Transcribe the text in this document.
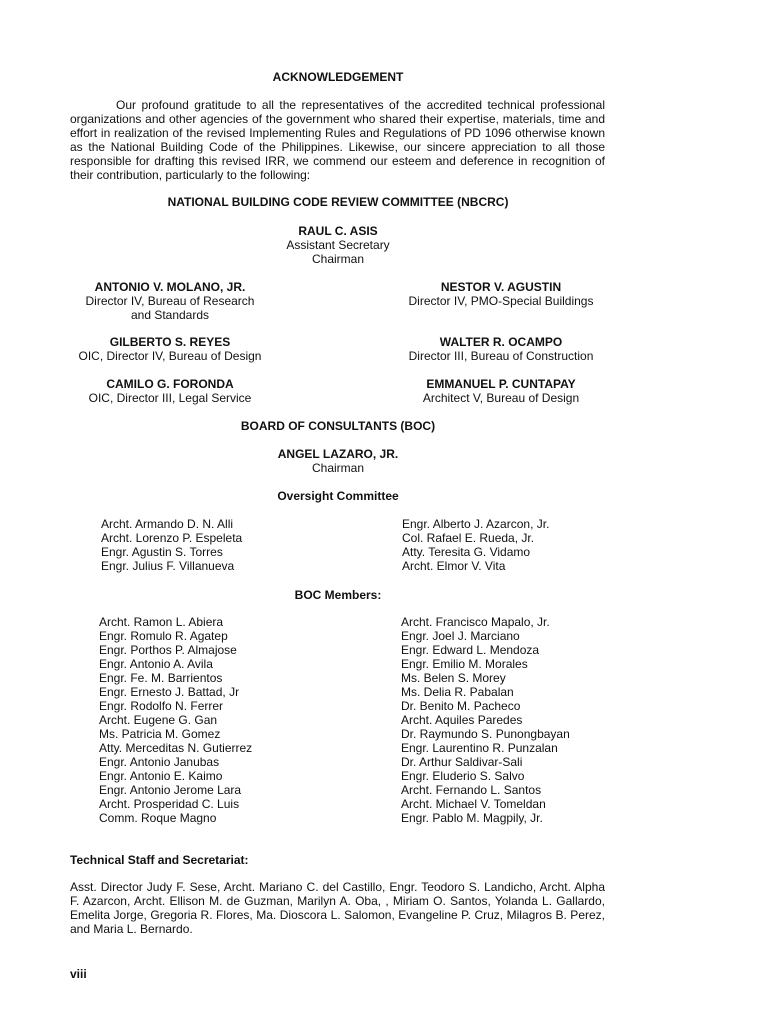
ACKNOWLEDGEMENT
Our profound gratitude to all the representatives of the accredited technical professional organizations and other agencies of the government who shared their expertise, materials, time and effort in realization of the revised Implementing Rules and Regulations of PD 1096 otherwise known as the National Building Code of the Philippines. Likewise, our sincere appreciation to all those responsible for drafting this revised IRR, we commend our esteem and deference in recognition of their contribution, particularly to the following:
NATIONAL BUILDING CODE REVIEW COMMITTEE (NBCRC)
RAUL C. ASIS
Assistant Secretary
Chairman
ANTONIO V. MOLANO, JR.
Director IV, Bureau of Research
and Standards
NESTOR V. AGUSTIN
Director IV, PMO-Special Buildings
GILBERTO S. REYES
OIC, Director IV, Bureau of Design
WALTER R. OCAMPO
Director III, Bureau of Construction
CAMILO G. FORONDA
OIC, Director III, Legal Service
EMMANUEL P. CUNTAPAY
Architect V, Bureau of Design
BOARD OF CONSULTANTS (BOC)
ANGEL LAZARO, JR.
Chairman
Oversight Committee
Archt. Armando D. N. Alli
Archt. Lorenzo P. Espeleta
Engr. Agustin S. Torres
Engr. Julius F. Villanueva
Engr. Alberto J. Azarcon, Jr.
Col. Rafael E. Rueda, Jr.
Atty. Teresita G. Vidamo
Archt. Elmor V. Vita
BOC Members:
Archt. Ramon L. Abiera
Engr. Romulo R. Agatep
Engr. Porthos P. Almajose
Engr. Antonio A. Avila
Engr. Fe. M. Barrientos
Engr. Ernesto J. Battad, Jr
Engr. Rodolfo N. Ferrer
Archt. Eugene G. Gan
Ms. Patricia M. Gomez
Atty. Merceditas N. Gutierrez
Engr. Antonio Janubas
Engr. Antonio E. Kaimo
Engr. Antonio Jerome Lara
Archt. Prosperidad C. Luis
Comm. Roque Magno
Archt. Francisco Mapalo, Jr.
Engr. Joel J. Marciano
Engr. Edward L. Mendoza
Engr. Emilio M. Morales
Ms. Belen S. Morey
Ms. Delia R. Pabalan
Dr. Benito M. Pacheco
Archt. Aquiles Paredes
Dr. Raymundo S. Punongbayan
Engr. Laurentino R. Punzalan
Dr. Arthur Saldivar-Sali
Engr. Eluderio S. Salvo
Archt. Fernando L. Santos
Archt. Michael V. Tomeldan
Engr. Pablo M. Magpily, Jr.
Technical Staff and Secretariat:
Asst. Director Judy F. Sese, Archt. Mariano C. del Castillo, Engr. Teodoro S. Landicho, Archt. Alpha F. Azarcon, Archt. Ellison M. de Guzman, Marilyn A. Oba, , Miriam O. Santos, Yolanda L. Gallardo, Emelita Jorge, Gregoria R. Flores, Ma. Dioscora L. Salomon, Evangeline P. Cruz, Milagros B. Perez, and Maria L. Bernardo.
viii
